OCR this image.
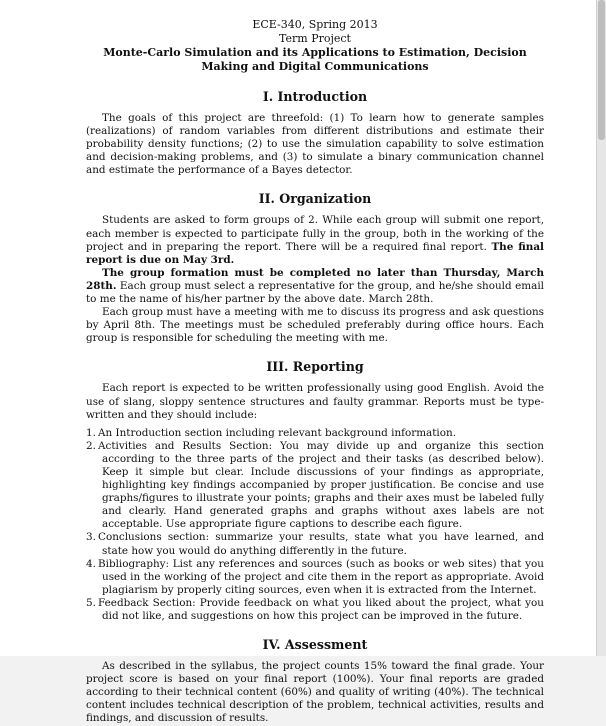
ECE-340, Spring 2013

Term Project

Monte-Carlo Simulation and its Applications to Estimation, Decision Making and Digital Communications

I. Introduction

The goals of this project are threefold: (1) To learn how to generate samples (realizations) of random variables from different distributions and estimate their probability density functions; (2) to use the simulation capability to solve estimation and decision-making problems, and (3) to simulate a binary communication channel and estimate the performance of a Bayes detector.

II. Organization

Students are asked to form groups of 2. While each group will submit one report, each member is expected to participate fully in the group, both in the working of the project and in preparing the report. There will be a required final report. The final report is due on May 3rd.

The group formation must be completed no later than Thursday, March 28th. Each group must select a representative for the group, and he/she should email to me the name of his/her partner by the above date. March 28th.

Each group must have a meeting with me to discuss its progress and ask questions by April 8th. The meetings must be scheduled preferably during office hours. Each group is responsible for scheduling the meeting with me.

III. Reporting

Each report is expected to be written professionally using good English. Avoid the use of slang, sloppy sentence structures and faulty grammar. Reports must be type-written and they should include:

1. An Introduction section including relevant background information.
2. Activities and Results Section: You may divide up and organize this section according to the three parts of the project and their tasks (as described below). Keep it simple but clear. Include discussions of your findings as appropriate, highlighting key findings accompanied by proper justification. Be concise and use graphs/figures to illustrate your points; graphs and their axes must be labeled fully and clearly. Hand generated graphs and graphs without axes labels are not acceptable. Use appropriate figure captions to describe each figure.
3. Conclusions section: summarize your results, state what you have learned, and state how you would do anything differently in the future.
4. Bibliography: List any references and sources (such as books or web sites) that you used in the working of the project and cite them in the report as appropriate. Avoid plagiarism by properly citing sources, even when it is extracted from the Internet.
5. Feedback Section: Provide feedback on what you liked about the project, what you did not like, and suggestions on how this project can be improved in the future.
IV. Assessment

As described in the syllabus, the project counts 15% toward the final grade. Your project score is based on your final report (100%). Your final reports are graded according to their technical content (60%) and quality of writing (40%). The technical content includes technical description of the problem, technical activities, results and findings, and discussion of results.
